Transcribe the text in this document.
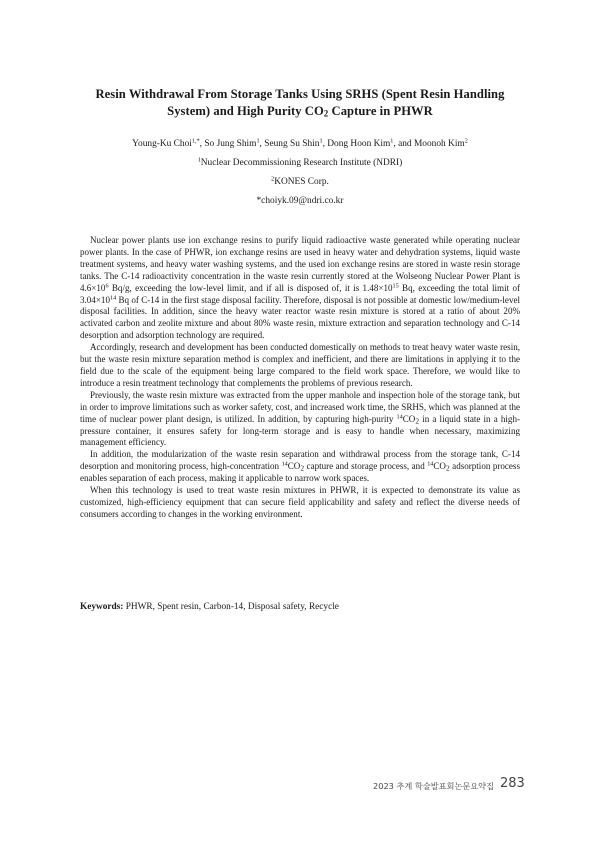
Resin Withdrawal From Storage Tanks Using SRHS (Spent Resin Handling
System) and High Purity $CO_2$ Capture in PHWR
Young-Ku Choi$^{1,*}$, So Jung Shim$^1$, Seung Su Shin$^1$, Dong Hoon Kim$^1$, and Moonoh Kim$^2$
$^1$Nuclear Decommissioning Research Institute (NDRI)
$^2$KONES Corp.
*choiyk.09@ndri.co.kr

Nuclear power plants use ion exchange resins to purify liquid radioactive waste generated while operating nuclear power plants. In the case of PHWR, ion exchange resins are used in heavy water and dehydration systems, liquid waste treatment systems, and heavy water washing systems, and the used ion exchange resins are stored in waste resin storage tanks. The C-14 radioactivity concentration in the waste resin currently stored at the Wolseong Nuclear Power Plant is $4.6\times 10^6$ Bq/g, exceeding the low-level limit, and if all is disposed of, it is $1.48\times 10^{15}$ Bq, exceeding the total limit of $3.04\times 10^{14}$ Bq of C-14 in the first stage disposal facility. Therefore, disposal is not possible at domestic low/medium-level disposal facilities. In addition, since the heavy water reactor waste resin mixture is stored at a ratio of about 20% activated carbon and zeolite mixture and about 80% waste resin, mixture extraction and separation technology and C-14 desorption and adsorption technology are required.

Accordingly, research and development has been conducted domestically on methods to treat heavy water waste resin, but the waste resin mixture separation method is complex and inefficient, and there are limitations in applying it to the field due to the scale of the equipment being large compared to the field work space. Therefore, we would like to introduce a resin treatment technology that complements the problems of previous research.

Previously, the waste resin mixture was extracted from the upper manhole and inspection hole of the storage tank, but in order to improve limitations such as worker safety, cost, and increased work time, the SRHS, which was planned at the time of nuclear power plant design, is utilized. In addition, by capturing high-purity $^{14}CO_2$ in a liquid state in a high-pressure container, it ensures safety for long-term storage and is easy to handle when necessary, maximizing management efficiency.

In addition, the modularization of the waste resin separation and withdrawal process from the storage tank, C-14 desorption and monitoring process, high-concentration $^{14}CO_2$ capture and storage process, and $^{14}CO_2$ adsorption process enables separation of each process, making it applicable to narrow work spaces.

When this technology is used to treat waste resin mixtures in PHWR, it is expected to demonstrate its value as customized, high-efficiency equipment that can secure field applicability and safety and reflect the diverse needs of consumers according to changes in the working environment.

Keywords: PHWR, Spent resin, Carbon-14, Disposal safety, Recycle
2023 추계 학술발표회논문요약집 283
